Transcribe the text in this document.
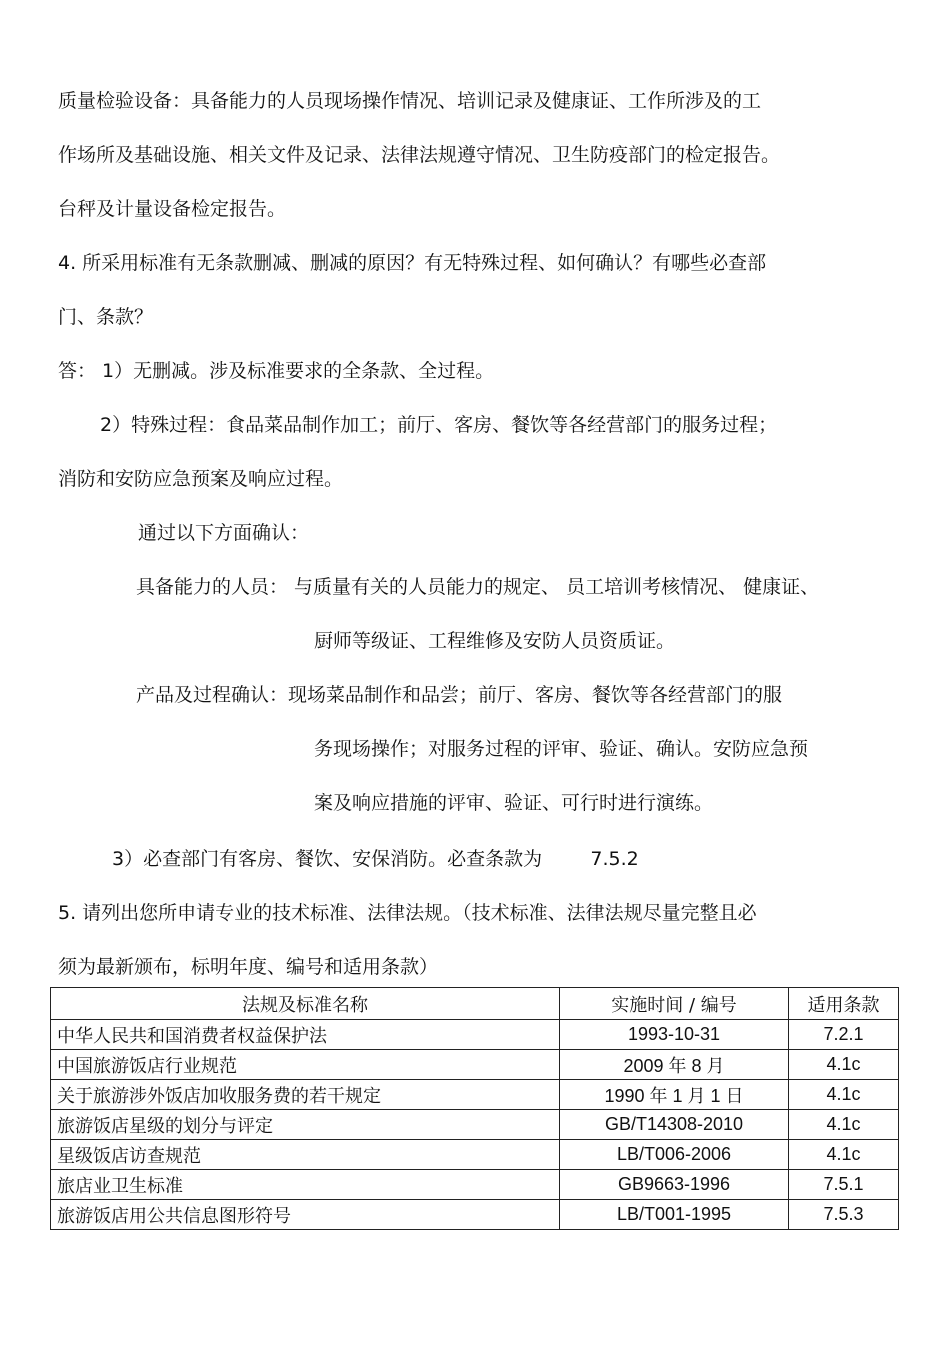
质量检验设备：具备能力的人员现场操作情况、培训记录及健康证、工作所涉及的工
作场所及基础设施、相关文件及记录、法律法规遵守情况、卫生防疫部门的检定报告。
台秤及计量设备检定报告。
4. 所采用标准有无条款删减、删减的原因？有无特殊过程、如何确认？有哪些必查部
门、条款？
答： 1）无删减。涉及标准要求的全条款、全过程。
2）特殊过程：食品菜品制作加工；前厅、客房、餐饮等各经营部门的服务过程；
消防和安防应急预案及响应过程。
通过以下方面确认：
具备能力的人员： 与质量有关的人员能力的规定、 员工培训考核情况、 健康证、
厨师等级证、工程维修及安防人员资质证。
产品及过程确认：现场菜品制作和品尝；前厅、客房、餐饮等各经营部门的服
务现场操作；对服务过程的评审、验证、确认。安防应急预
案及响应措施的评审、验证、可行时进行演练。
3）必查部门有客房、餐饮、安保消防。必查条款为        7.5.2
5. 请列出您所申请专业的技术标准、法律法规。（技术标准、法律法规尽量完整且必
须为最新颁布，标明年度、编号和适用条款）
法规及标准名称	实施时间 / 编号	适用条款
中华人民共和国消费者权益保护法	1993-10-31	7.2.1
中国旅游饭店行业规范	2009 年 8 月	4.1c
关于旅游涉外饭店加收服务费的若干规定	1990 年 1 月 1 日	4.1c
旅游饭店星级的划分与评定	GB/T14308-2010	4.1c
星级饭店访查规范	LB/T006-2006	4.1c
旅店业卫生标准	GB9663-1996	7.5.1
旅游饭店用公共信息图形符号	LB/T001-1995	7.5.3
